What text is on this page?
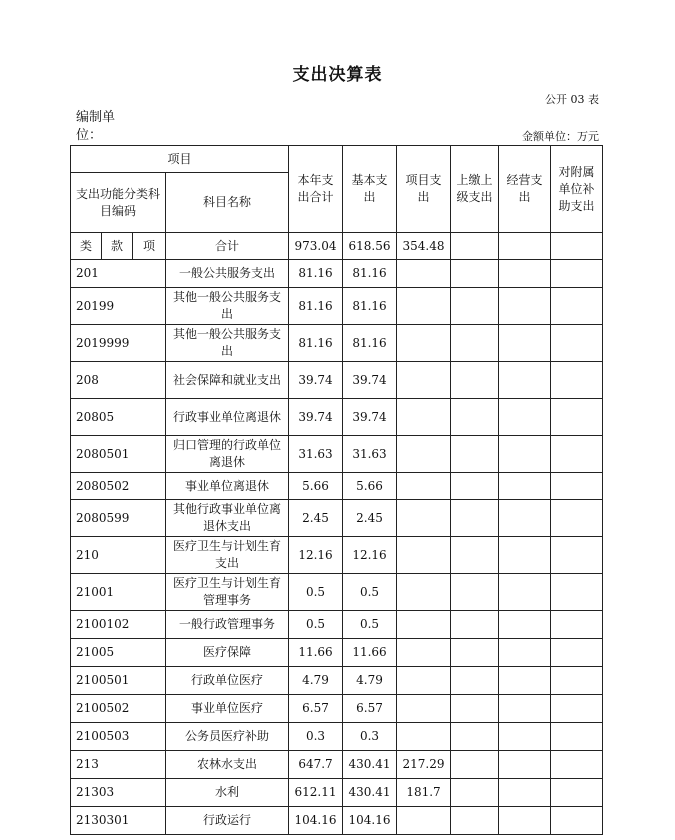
支出决算表
公开 03 表
编制单位：	金额单位：万元
项目				本年支出合计	基本支出	项目支出	上缴上级支出	经营支出	对附属单位补助支出
支出功能分类科目编码			科目名称						
类	款	项	合计	973.04	618.56	354.48			
201			一般公共服务支出	81.16	81.16				
20199			其他一般公共服务支出	81.16	81.16				
2019999			其他一般公共服务支出	81.16	81.16				
208			社会保障和就业支出	39.74	39.74				
20805			行政事业单位离退休	39.74	39.74				
2080501			归口管理的行政单位离退休	31.63	31.63				
2080502			事业单位离退休	5.66	5.66				
2080599			其他行政事业单位离退休支出	2.45	2.45				
210			医疗卫生与计划生育支出	12.16	12.16				
21001			医疗卫生与计划生育管理事务	0.5	0.5				
2100102			一般行政管理事务	0.5	0.5				
21005			医疗保障	11.66	11.66				
2100501			行政单位医疗	4.79	4.79				
2100502			事业单位医疗	6.57	6.57				
2100503			公务员医疗补助	0.3	0.3				
213			农林水支出	647.7	430.41	217.29			
21303			水利	612.11	430.41	181.7			
2130301			行政运行	104.16	104.16				
